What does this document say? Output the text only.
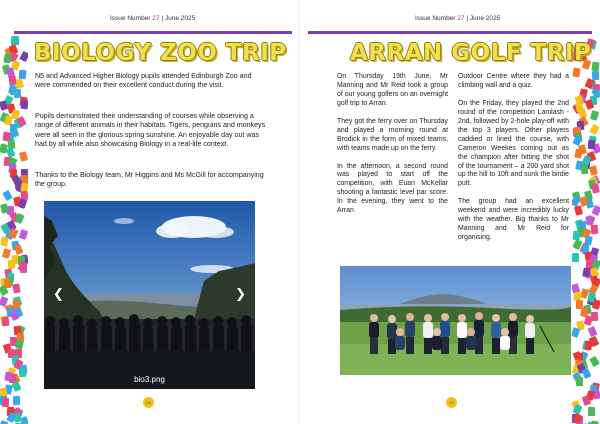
Issue Number 27 | June 2025
BIOLOGY ZOO TRIP

N5 and Advanced Higher Biology pupils attended Edinburgh Zoo and were commended on their excellent conduct during the visit.

Pupils demonstrated their understanding of courses while observing a range of different animals in their habitats. Tigers, penguins and monkeys were all seen in the glorious spring sunshine. An enjoyable day out was had by all while also showcasing Biology in a real-life context.

Thanks to the Biology team, Mr Higgins and Ms McGill for accompanying the group.

❮	❯
bio3.png
26
Issue Number 27 | June 2025
ARRAN GOLF TRIP

On Thursday 19th June, Mr Manning and Mr Reid took a group of our young golfers on an overnight golf trip to Arran.

They got the ferry over on Thursday and played a morning round at Brodick in the form of mixed teams, with teams made up on the ferry.

In the afternoon, a second round was played to start off the competition, with Euan McKellar shooting a fantastic level par score. In the evening, they went to the Arran

Outdoor Centre where they had a climbing wall and a quiz.

On the Friday, they played the 2nd round of the competition Lamlash - 2nd, followed by 2-hole play-off with the top 3 players. Other players caddied or lined the course, with Cameron Weekes coming out as the champion after hitting the shot of the tournament – a 200 yard shot up the hill to 10ft and sunk the birdie putt.

The group had an excellent weekend and were incredibly lucky with the weather. Big thanks to Mr Manning and Mr Reid for organising.

27
